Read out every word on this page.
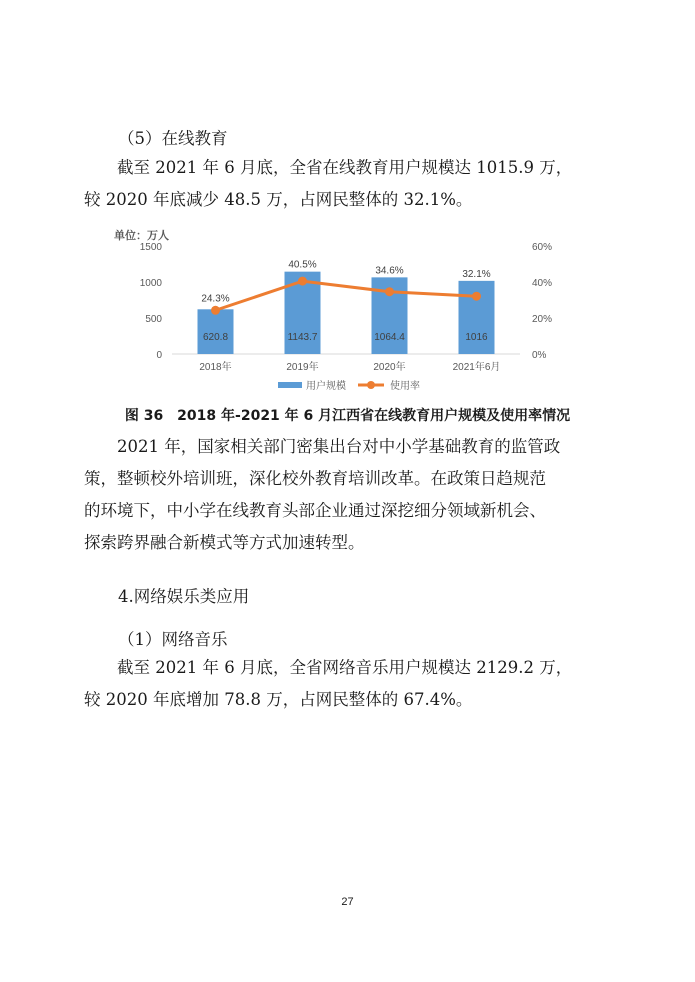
（5）在线教育

截至 2021 年 6 月底，全省在线教育用户规模达 1015.9 万，

较 2020 年底减少 48.5 万，占网民整体的 32.1%。

单位：万人
0
500
1000
1500
0%
20%
40%
60%
620.8	1143.7	1064.4	1016
24.3%
40.5%
34.6%	32.1%
2018年	2019年	2020年	2021年6月
用户规模	使用率
图 36　2018 年-2021 年 6 月江西省在线教育用户规模及使用率情况

2021 年，国家相关部门密集出台对中小学基础教育的监管政

策，整顿校外培训班，深化校外教育培训改革。在政策日趋规范

的环境下，中小学在线教育头部企业通过深挖细分领域新机会、

探索跨界融合新模式等方式加速转型。

4.网络娱乐类应用

（1）网络音乐

截至 2021 年 6 月底，全省网络音乐用户规模达 2129.2 万，

较 2020 年底增加 78.8 万，占网民整体的 67.4%。

27
